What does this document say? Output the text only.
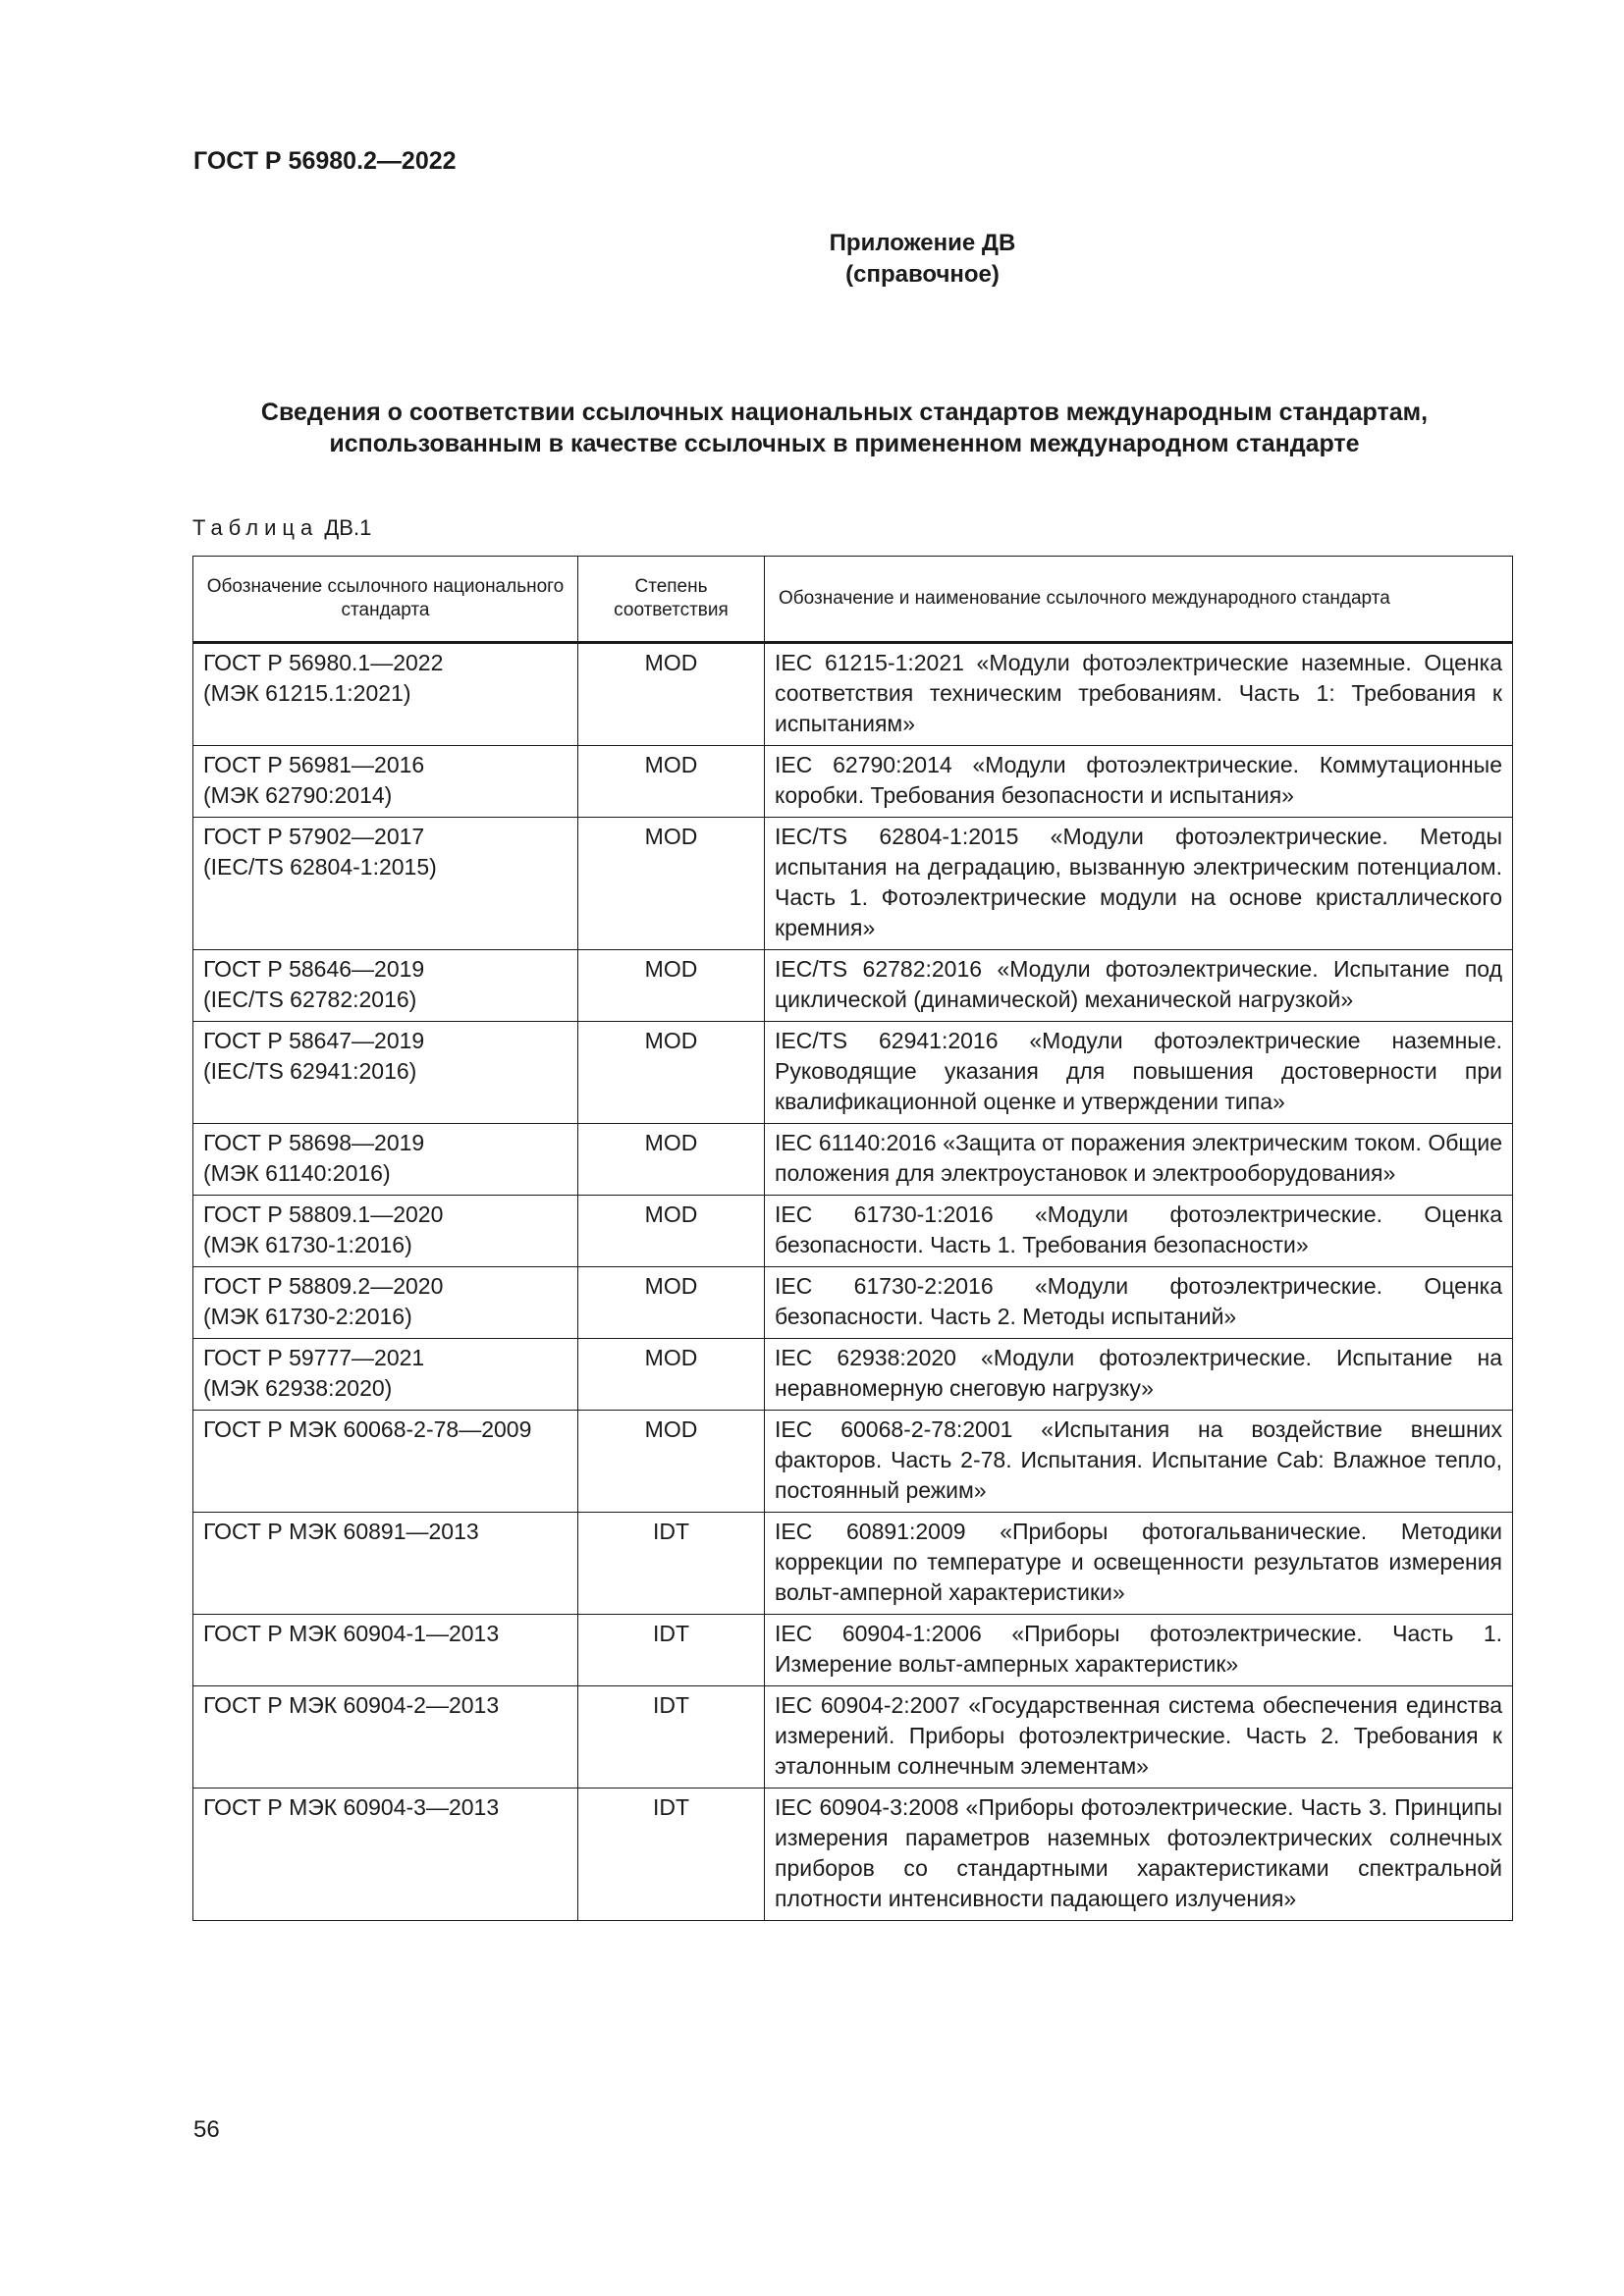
ГОСТ Р 56980.2—2022
Приложение ДВ
(справочное)
Сведения о соответствии ссылочных национальных стандартов международным стандартам,
использованным в качестве ссылочных в примененном международном стандарте
Таблица ДВ.1
Обозначение ссылочного национального стандарта	Степень соответствия	Обозначение и наименование ссылочного международного стандарта

ГОСТ Р 56980.1—2022
(МЭК 61215.1:2021)	MOD	IEC 61215-1:2021 «Модули фотоэлектрические наземные. Оценка соответствия техническим требованиям. Часть 1: Требования к испытаниям»

ГОСТ Р 56981—2016
(МЭК 62790:2014)	MOD	IEC 62790:2014 «Модули фотоэлектрические. Коммутационные коробки. Требования безопасности и испытания»

ГОСТ Р 57902—2017
(IEC/TS 62804-1:2015)	MOD	IEC/TS 62804-1:2015 «Модули фотоэлектрические. Методы испытания на деградацию, вызванную электрическим потенциалом. Часть 1. Фотоэлектрические модули на основе кристаллического кремния»

ГОСТ Р 58646—2019
(IEC/TS 62782:2016)	MOD	IEC/TS 62782:2016 «Модули фотоэлектрические. Испытание под циклической (динамической) механической нагрузкой»

ГОСТ Р 58647—2019
(IEC/TS 62941:2016)	MOD	IEC/TS 62941:2016 «Модули фотоэлектрические наземные. Руководящие указания для повышения достоверности при квалификационной оценке и утверждении типа»

ГОСТ Р 58698—2019
(МЭК 61140:2016)	MOD	IEC 61140:2016 «Защита от поражения электрическим током. Общие положения для электроустановок и электрооборудования»

ГОСТ Р 58809.1—2020
(МЭК 61730-1:2016)	MOD	IEC 61730-1:2016 «Модули фотоэлектрические. Оценка безопасности. Часть 1. Требования безопасности»

ГОСТ Р 58809.2—2020
(МЭК 61730-2:2016)	MOD	IEC 61730-2:2016 «Модули фотоэлектрические. Оценка безопасности. Часть 2. Методы испытаний»

ГОСТ Р 59777—2021
(МЭК 62938:2020)	MOD	IEC 62938:2020 «Модули фотоэлектрические. Испытание на неравномерную снеговую нагрузку»

ГОСТ Р МЭК 60068-2-78—2009	MOD	IEC 60068-2-78:2001 «Испытания на воздействие внешних факторов. Часть 2-78. Испытания. Испытание Cab: Влажное тепло, постоянный режим»

ГОСТ Р МЭК 60891—2013	IDT	IEC 60891:2009 «Приборы фотогальванические. Методики коррекции по температуре и освещенности результатов измерения вольт-амперной характеристики»

ГОСТ Р МЭК 60904-1—2013	IDT	IEC 60904-1:2006 «Приборы фотоэлектрические. Часть 1. Измерение вольт-амперных характеристик»

ГОСТ Р МЭК 60904-2—2013	IDT	IEC 60904-2:2007 «Государственная система обеспечения единства измерений. Приборы фотоэлектрические. Часть 2. Требования к эталонным солнечным элементам»

ГОСТ Р МЭК 60904-3—2013	IDT	IEC 60904-3:2008 «Приборы фотоэлектрические. Часть 3. Принципы измерения параметров наземных фотоэлектрических солнечных приборов со стандартными характеристиками спектральной плотности интенсивности падающего излучения»
56
